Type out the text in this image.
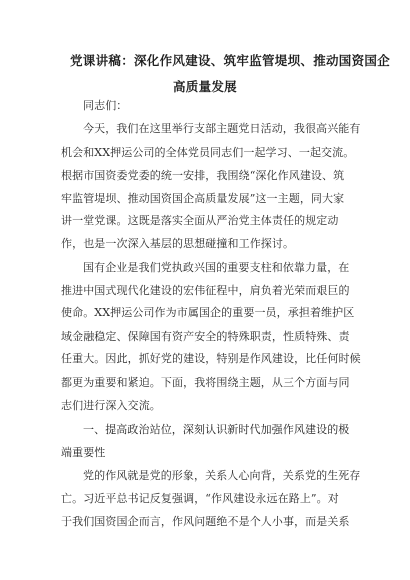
党课讲稿：深化作风建设、筑牢监管堤坝、推动国资国企
高质量发展
同志们：
今天，我们在这里举行支部主题党日活动，我很高兴能有
机会和XX押运公司的全体党员同志们一起学习、一起交流。
根据市国资委党委的统一安排，我围绕“深化作风建设、筑
牢监管堤坝、推动国资国企高质量发展”这一主题，同大家
讲一堂党课。这既是落实全面从严治党主体责任的规定动
作，也是一次深入基层的思想碰撞和工作探讨。
国有企业是我们党执政兴国的重要支柱和依靠力量，在
推进中国式现代化建设的宏伟征程中，肩负着光荣而艰巨的
使命。XX押运公司作为市属国企的重要一员，承担着维护区
域金融稳定、保障国有资产安全的特殊职责，性质特殊、责
任重大。因此，抓好党的建设，特别是作风建设，比任何时候
都更为重要和紧迫。下面，我将围绕主题，从三个方面与同
志们进行深入交流。
一、提高政治站位，深刻认识新时代加强作风建设的极
端重要性
党的作风就是党的形象，关系人心向背，关系党的生死存
亡。习近平总书记反复强调，“作风建设永远在路上”。对
于我们国资国企而言，作风问题绝不是个人小事，而是关系
